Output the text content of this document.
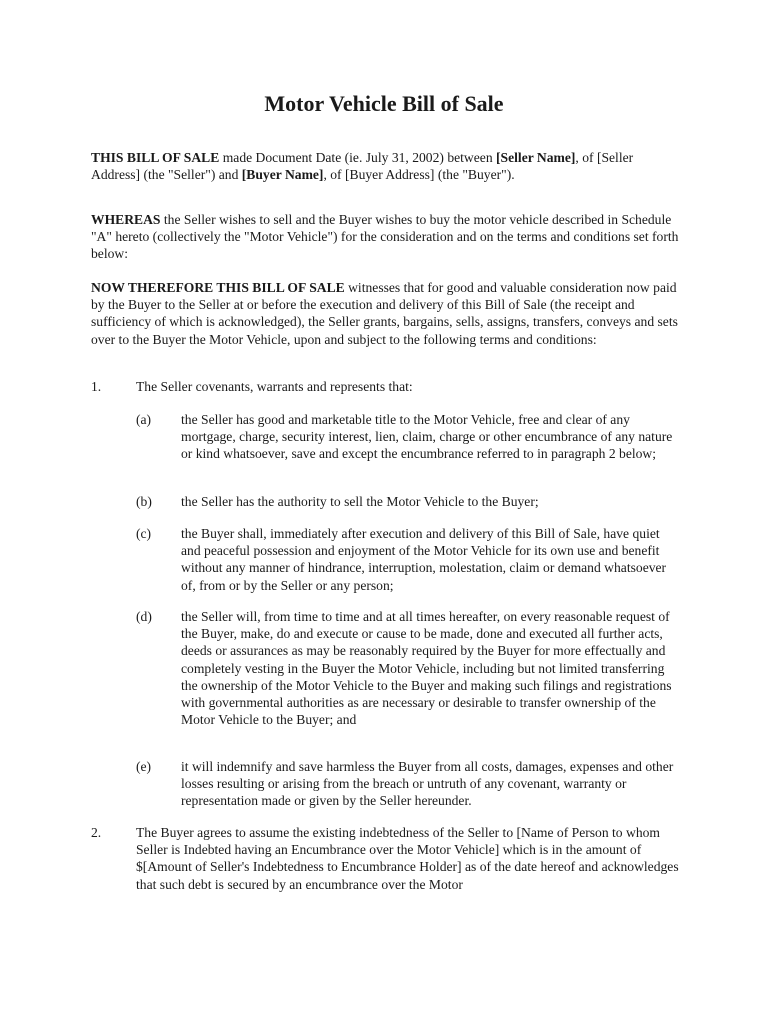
Motor Vehicle Bill of Sale

THIS BILL OF SALE made Document Date (ie. July 31, 2002) between [Seller Name], of [Seller Address] (the "Seller") and [Buyer Name], of [Buyer Address] (the "Buyer").

WHEREAS the Seller wishes to sell and the Buyer wishes to buy the motor vehicle described in Schedule "A" hereto (collectively the "Motor Vehicle") for the consideration and on the terms and conditions set forth below:

NOW THEREFORE THIS BILL OF SALE witnesses that for good and valuable consideration now paid by the Buyer to the Seller at or before the execution and delivery of this Bill of Sale (the receipt and sufficiency of which is acknowledged), the Seller grants, bargains, sells, assigns, transfers, conveys and sets over to the Buyer the Motor Vehicle, upon and subject to the following terms and conditions:

1.	The Seller covenants, warrants and represents that:

(a) the Seller has good and marketable title to the Motor Vehicle, free and clear of any mortgage, charge, security interest, lien, claim, charge or other encumbrance of any nature or kind whatsoever, save and except the encumbrance referred to in paragraph 2 below;

(b) the Seller has the authority to sell the Motor Vehicle to the Buyer;

(c) the Buyer shall, immediately after execution and delivery of this Bill of Sale, have quiet and peaceful possession and enjoyment of the Motor Vehicle for its own use and benefit without any manner of hindrance, interruption, molestation, claim or demand whatsoever of, from or by the Seller or any person;

(d) the Seller will, from time to time and at all times hereafter, on every reasonable request of the Buyer, make, do and execute or cause to be made, done and executed all further acts, deeds or assurances as may be reasonably required by the Buyer for more effectually and completely vesting in the Buyer the Motor Vehicle, including but not limited transferring the ownership of the Motor Vehicle to the Buyer and making such filings and registrations with governmental authorities as are necessary or desirable to transfer ownership of the Motor Vehicle to the Buyer; and

(e) it will indemnify and save harmless the Buyer from all costs, damages, expenses and other losses resulting or arising from the breach or untruth of any covenant, warranty or representation made or given by the Seller hereunder.

2.	The Buyer agrees to assume the existing indebtedness of the Seller to [Name of Person to whom Seller is Indebted having an Encumbrance over the Motor Vehicle] which is in the amount of $[Amount of Seller's Indebtedness to Encumbrance Holder] as of the date hereof and acknowledges that such debt is secured by an encumbrance over the Motor
